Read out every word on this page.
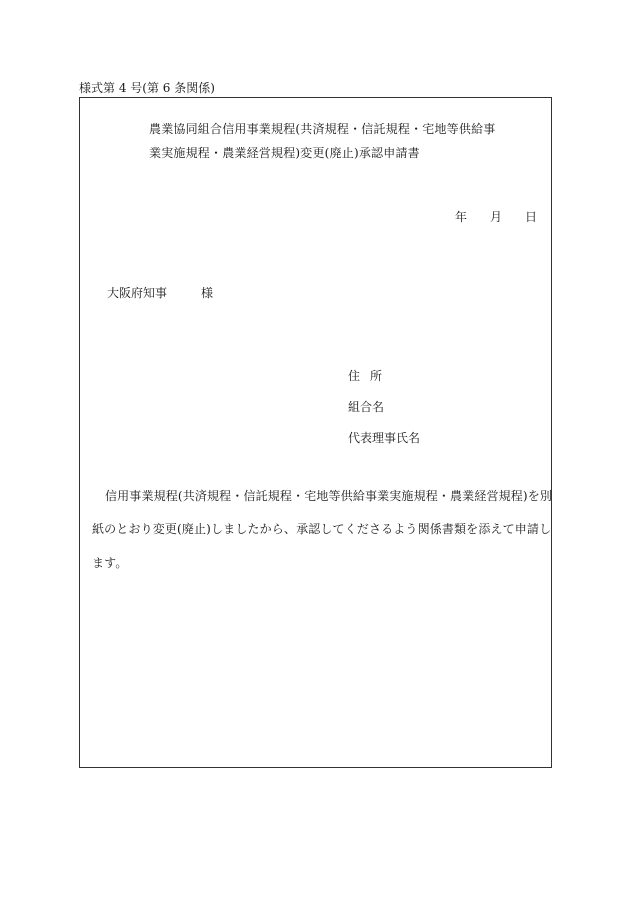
様式第 4 号(第 6 条関係)
農業協同組合信用事業規程(共済規程・信託規程・宅地等供給事
業実施規程・農業経営規程)変更(廃止)承認申請書
年 月 日
大阪府知事	様
住所
組合名
代表理事氏名
信用事業規程(共済規程・信託規程・宅地等供給事業実施規程・農業経営規程)を別
紙のとおり変更(廃止)しましたから、承認してくださるよう関係書類を添えて申請し
ます。
